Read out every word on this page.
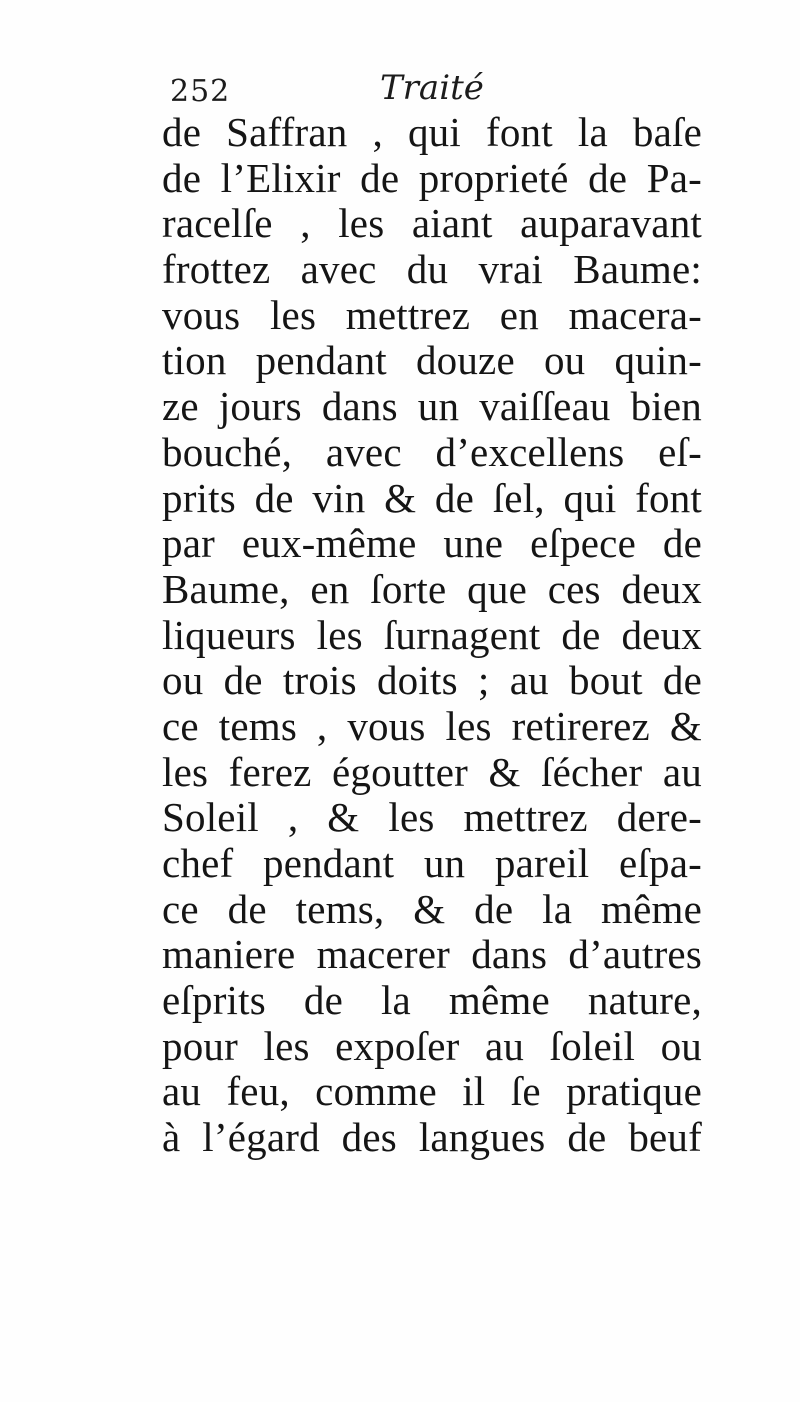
252	Traité
de Saffran , qui font la baſe
de l’Elixir de proprieté de Pa-
racelſe , les aiant auparavant
frottez avec du vrai Baume:
vous les mettrez en macera-
tion pendant douze ou quin-
ze jours dans un vaiſſeau bien
bouché, avec d’excellens eſ-
prits de vin & de ſel, qui font
par eux-même une eſpece de
Baume, en ſorte que ces deux
liqueurs les ſurnagent de deux
ou de trois doits ; au bout de
ce tems , vous les retirerez &
les ferez égoutter & ſécher au
Soleil , & les mettrez dere-
chef pendant un pareil eſpa-
ce de tems, & de la même
maniere macerer dans d’autres
eſprits de la même nature,
pour les expoſer au ſoleil ou
au feu, comme il ſe pratique
à l’égard des langues de beuf
